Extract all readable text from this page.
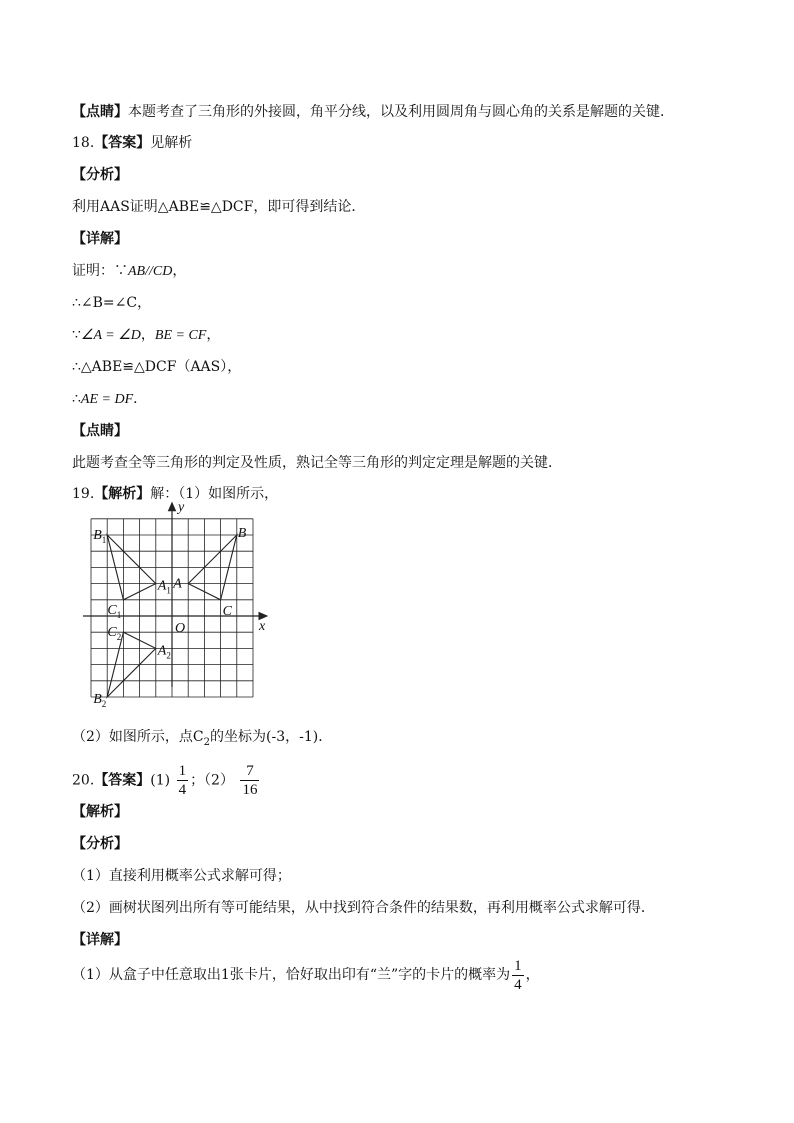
【点睛】本题考查了三角形的外接圆，角平分线，以及利用圆周角与圆心角的关系是解题的关键．
18.【答案】见解析
【分析】
利用AAS证明△ABE≌△DCF，即可得到结论．
【详解】
证明：∵AB//CD，
∴∠B=∠C，
∵∠A = ∠D，BE = CF，
∴△ABE≌△DCF（AAS），
∴AE = DF．
【点睛】
此题考查全等三角形的判定及性质，熟记全等三角形的判定定理是解题的关键．
19.【解析】解：（1）如图所示，
y
x
O
A
B
C
$A_1$
$B_1$
$C_1$
$A_2$
$B_2$
$C_2$
（2）如图所示，点$C_2$的坐标为(-3，-1)．
20.【答案】$(1) \frac{1}{4}$ ；$(2) \frac{7}{16}$
【解析】
【分析】
（1）直接利用概率公式求解可得；
（2）画树状图列出所有等可能结果，从中找到符合条件的结果数，再利用概率公式求解可得．
【详解】
（1）从盒子中任意取出1张卡片，恰好取出印有“兰”字的卡片的概率为 $\frac{1}{4}$ ，
